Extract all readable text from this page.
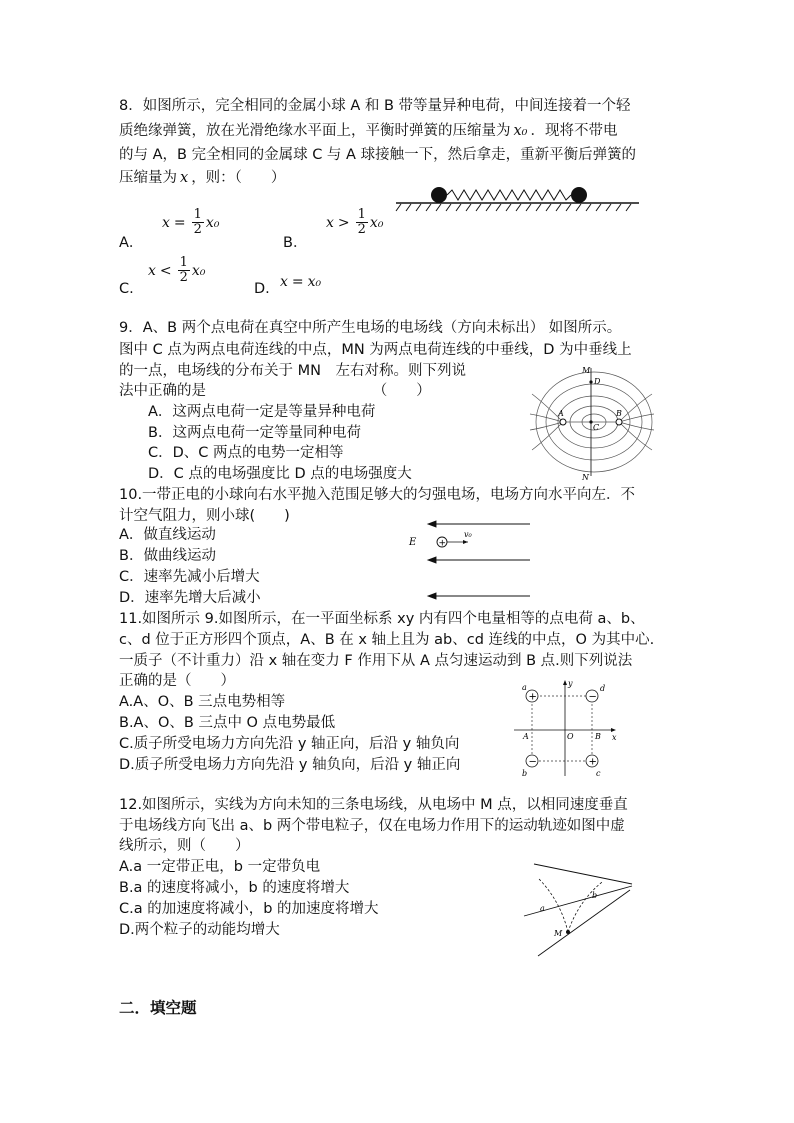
8．如图所示，完全相同的金属小球 A 和 B 带等量异种电荷，中间连接着一个轻
质绝缘弹簧，放在光滑绝缘水平面上，平衡时弹簧的压缩量为 x₀ ．现将不带电
的与 A，B 完全相同的金属球 C 与 A 球接触一下，然后拿走，重新平衡后弹簧的
压缩量为 x ，则：（　　）
A．
$x = \frac{1}{2} x_0$
B．
$x > \frac{1}{2} x_0$
C.
$x < \frac{1}{2} x_0$
D. x = x₀
9．A、B 两个点电荷在真空中所产生电场的电场线（方向未标出） 如图所示。
图中 C 点为两点电荷连线的中点，MN 为两点电荷连线的中垂线，D 为中垂线上
的一点，电场线的分布关于 MN　左右对称。则下列说
法中正确的是　　　　　　　　　　　　（　　）
A．这两点电荷一定是等量异种电荷
B．这两点电荷一定等量同种电荷
C．D、C 两点的电势一定相等
D．C 点的电场强度比 D 点的电场强度大
M
D
A	B
C
N
10.一带正电的小球向右水平抛入范围足够大的匀强电场，电场方向水平向左．不
计空气阻力，则小球(　　)
A．做直线运动
B．做曲线运动
C．速率先减小后增大
D．速率先增大后减小
E +
v₀
11.如图所示 9.如图所示，在一平面坐标系 xy 内有四个电量相等的点电荷 a、b、
c、d 位于正方形四个顶点，A、B 在 x 轴上且为 ab、cd 连线的中点，O 为其中心.
一质子（不计重力）沿 x 轴在变力 F 作用下从 A 点匀速运动到 B 点.则下列说法
正确的是（　　）
A.A、O、B 三点电势相等
B.A、O、B 三点中 O 点电势最低
C.质子所受电场力方向先沿 y 轴正向，后沿 y 轴负向
D.质子所受电场力方向先沿 y 轴负向，后沿 y 轴正向
+	−
−	+
a	d
b	c
y
x
O
A	B
12.如图所示，实线为方向未知的三条电场线，从电场中 M 点，以相同速度垂直
于电场线方向飞出 a、b 两个带电粒子，仅在电场力作用下的运动轨迹如图中虚
线所示，则（　　）
A.a 一定带正电，b 一定带负电
B.a 的速度将减小，b 的速度将增大
C.a 的加速度将减小，b 的加速度将增大
D.两个粒子的动能均增大
a
b
M
二．填空题
